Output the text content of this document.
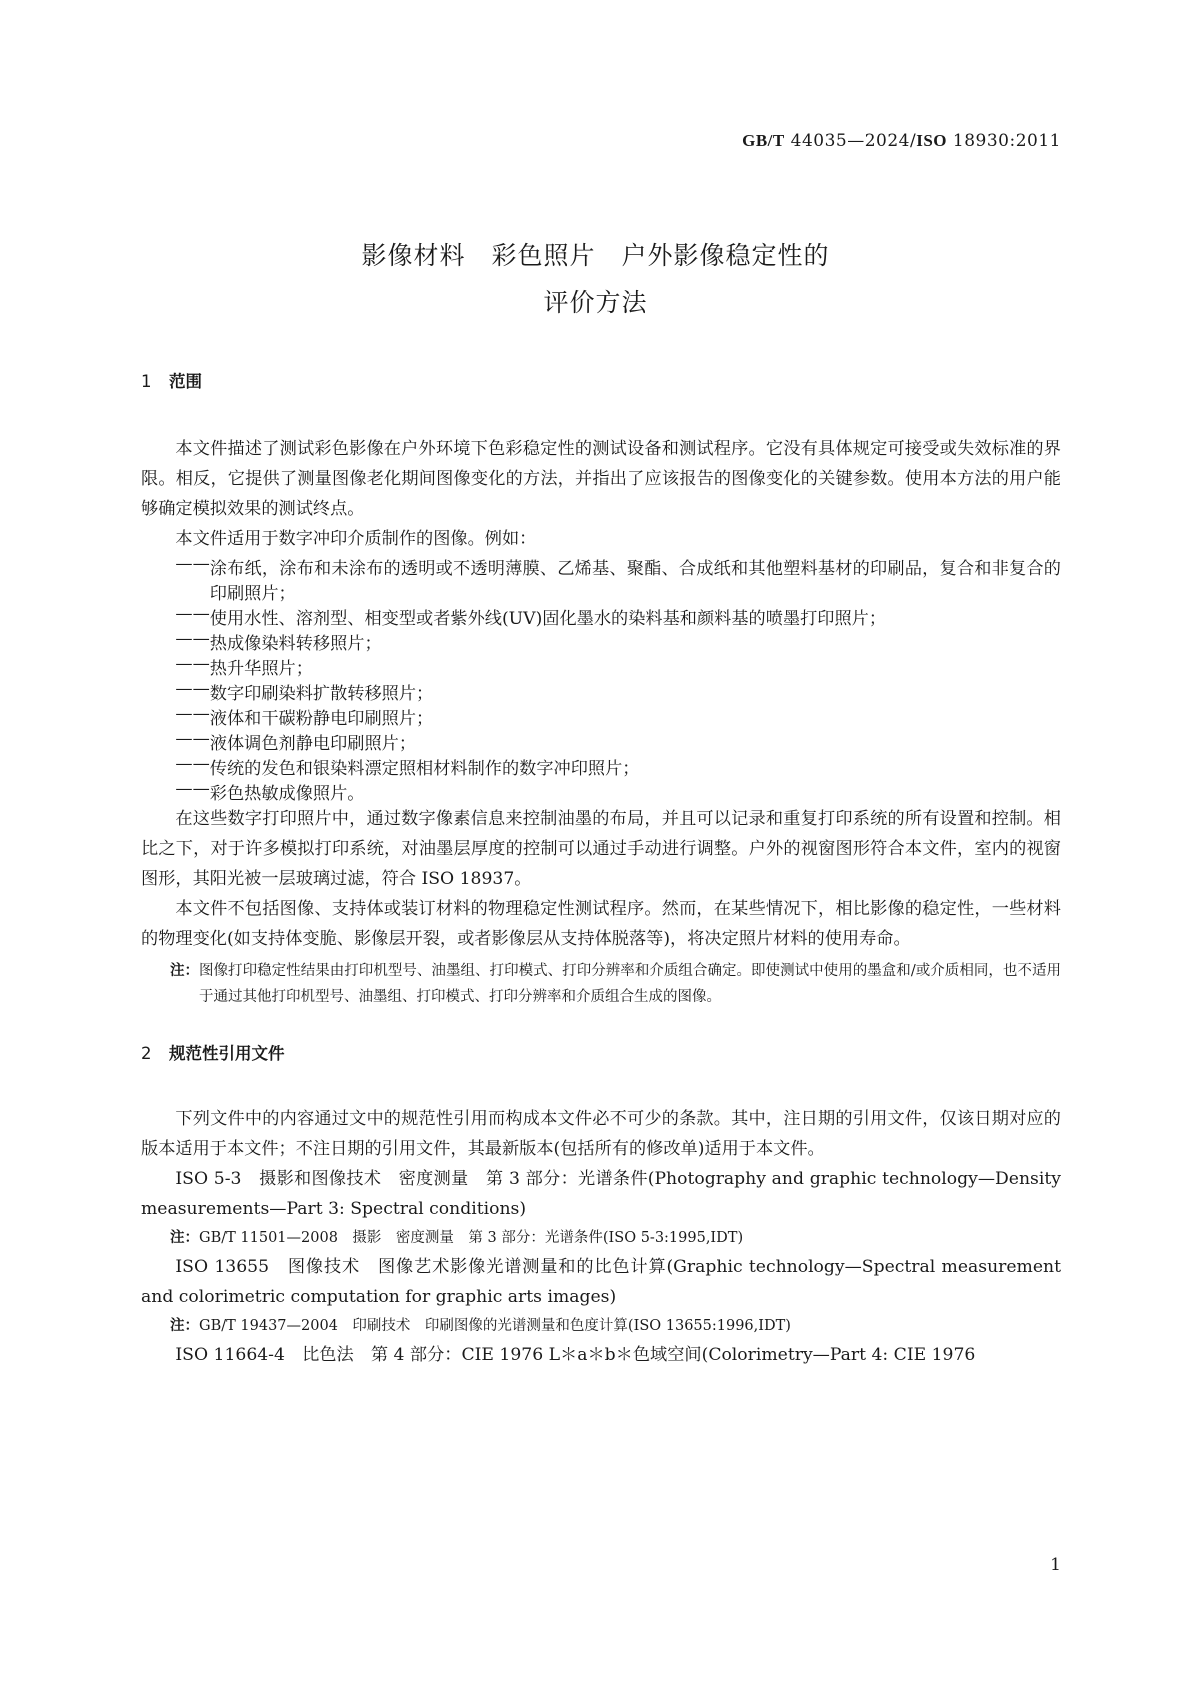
GB/T 44035—2024/ISO 18930:2011
影像材料　彩色照片　户外影像稳定性的
评价方法
1 范围

本文件描述了测试彩色影像在户外环境下色彩稳定性的测试设备和测试程序。它没有具体规定可接受或失效标准的界限。相反，它提供了测量图像老化期间图像变化的方法，并指出了应该报告的图像变化的关键参数。使用本方法的用户能够确定模拟效果的测试终点。

本文件适用于数字冲印介质制作的图像。例如：

—— 涂布纸，涂布和未涂布的透明或不透明薄膜、乙烯基、聚酯、合成纸和其他塑料基材的印刷品，复合和非复合的印刷照片；
—— 使用水性、溶剂型、相变型或者紫外线(UV)固化墨水的染料基和颜料基的喷墨打印照片；
—— 热成像染料转移照片；
—— 热升华照片；
—— 数字印刷染料扩散转移照片；
—— 液体和干碳粉静电印刷照片；
—— 液体调色剂静电印刷照片；
—— 传统的发色和银染料漂定照相材料制作的数字冲印照片；
—— 彩色热敏成像照片。

在这些数字打印照片中，通过数字像素信息来控制油墨的布局，并且可以记录和重复打印系统的所有设置和控制。相比之下，对于许多模拟打印系统，对油墨层厚度的控制可以通过手动进行调整。户外的视窗图形符合本文件，室内的视窗图形，其阳光被一层玻璃过滤，符合 ISO 18937。

本文件不包括图像、支持体或装订材料的物理稳定性测试程序。然而，在某些情况下，相比影像的稳定性，一些材料的物理变化(如支持体变脆、影像层开裂，或者影像层从支持体脱落等)，将决定照片材料的使用寿命。

注： 图像打印稳定性结果由打印机型号、油墨组、打印模式、打印分辨率和介质组合确定。即使测试中使用的墨盒和/或介质相同，也不适用于通过其他打印机型号、油墨组、打印模式、打印分辨率和介质组合生成的图像。
2 规范性引用文件

下列文件中的内容通过文中的规范性引用而构成本文件必不可少的条款。其中，注日期的引用文件，仅该日期对应的版本适用于本文件；不注日期的引用文件，其最新版本(包括所有的修改单)适用于本文件。

ISO 5-3　摄影和图像技术　密度测量　第 3 部分：光谱条件(Photography and graphic technology—Density measurements—Part 3: Spectral conditions)

注：GB/T 11501—2008　摄影　密度测量　第 3 部分：光谱条件(ISO 5-3:1995,IDT)

ISO 13655　图像技术　图像艺术影像光谱测量和的比色计算(Graphic technology—Spectral measurement and colorimetric computation for graphic arts images)

注：GB/T 19437—2004　印刷技术　印刷图像的光谱测量和色度计算(ISO 13655:1996,IDT)

ISO 11664-4　比色法　第 4 部分：CIE 1976 L＊a＊b＊色域空间(Colorimetry—Part 4: CIE 1976

1
